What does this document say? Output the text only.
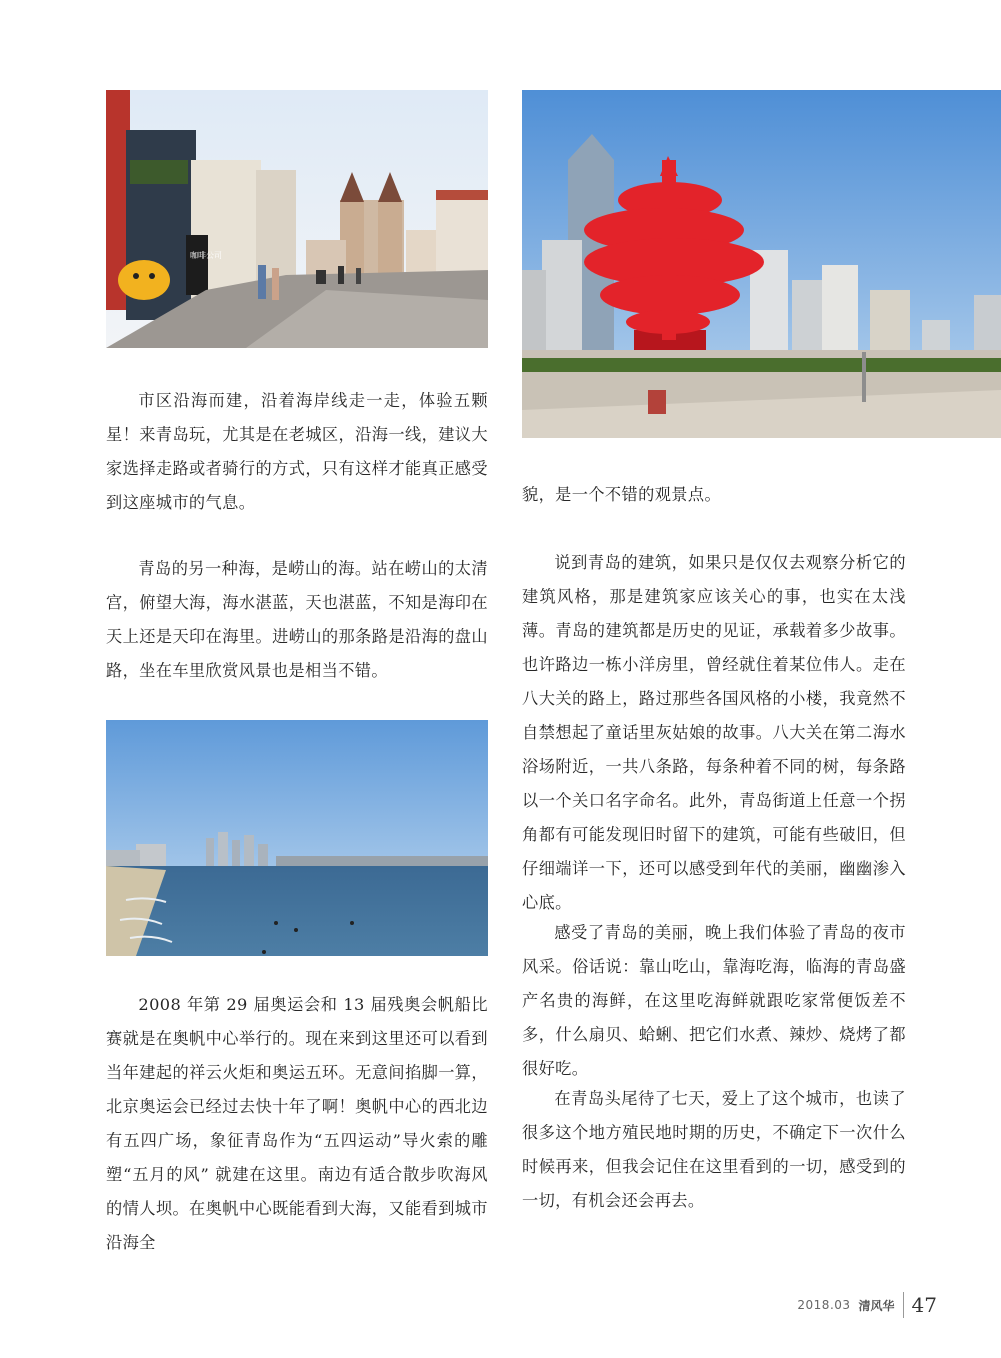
咖啡公司

市区沿海而建，沿着海岸线走一走，体验五颗星！来青岛玩，尤其是在老城区，沿海一线，建议大家选择走路或者骑行的方式，只有这样才能真正感受到这座城市的气息。

青岛的另一种海，是崂山的海。站在崂山的太清宫，俯望大海，海水湛蓝，天也湛蓝，不知是海印在天上还是天印在海里。进崂山的那条路是沿海的盘山路，坐在车里欣赏风景也是相当不错。

2008 年第 29 届奥运会和 13 届残奥会帆船比赛就是在奥帆中心举行的。现在来到这里还可以看到当年建起的祥云火炬和奥运五环。无意间掐脚一算，北京奥运会已经过去快十年了啊！奥帆中心的西北边有五四广场，象征青岛作为“五四运动”导火索的雕塑“五月的风” 就建在这里。南边有适合散步吹海风的情人坝。在奥帆中心既能看到大海，又能看到城市沿海全

貌，是一个不错的观景点。

说到青岛的建筑，如果只是仅仅去观察分析它的建筑风格，那是建筑家应该关心的事，也实在太浅薄。青岛的建筑都是历史的见证，承载着多少故事。也许路边一栋小洋房里，曾经就住着某位伟人。走在八大关的路上，路过那些各国风格的小楼，我竟然不自禁想起了童话里灰姑娘的故事。八大关在第二海水浴场附近，一共八条路，每条种着不同的树，每条路以一个关口名字命名。此外，青岛街道上任意一个拐角都有可能发现旧时留下的建筑，可能有些破旧，但仔细端详一下，还可以感受到年代的美丽，幽幽渗入心底。

感受了青岛的美丽，晚上我们体验了青岛的夜市风采。俗话说：靠山吃山，靠海吃海，临海的青岛盛产名贵的海鲜，在这里吃海鲜就跟吃家常便饭差不多，什么扇贝、蛤蜊、把它们水煮、辣炒、烧烤了都很好吃。

在青岛头尾待了七天，爱上了这个城市，也读了很多这个地方殖民地时期的历史，不确定下一次什么时候再来，但我会记住在这里看到的一切，感受到的一切，有机会还会再去。

2018.03 清风华 47
